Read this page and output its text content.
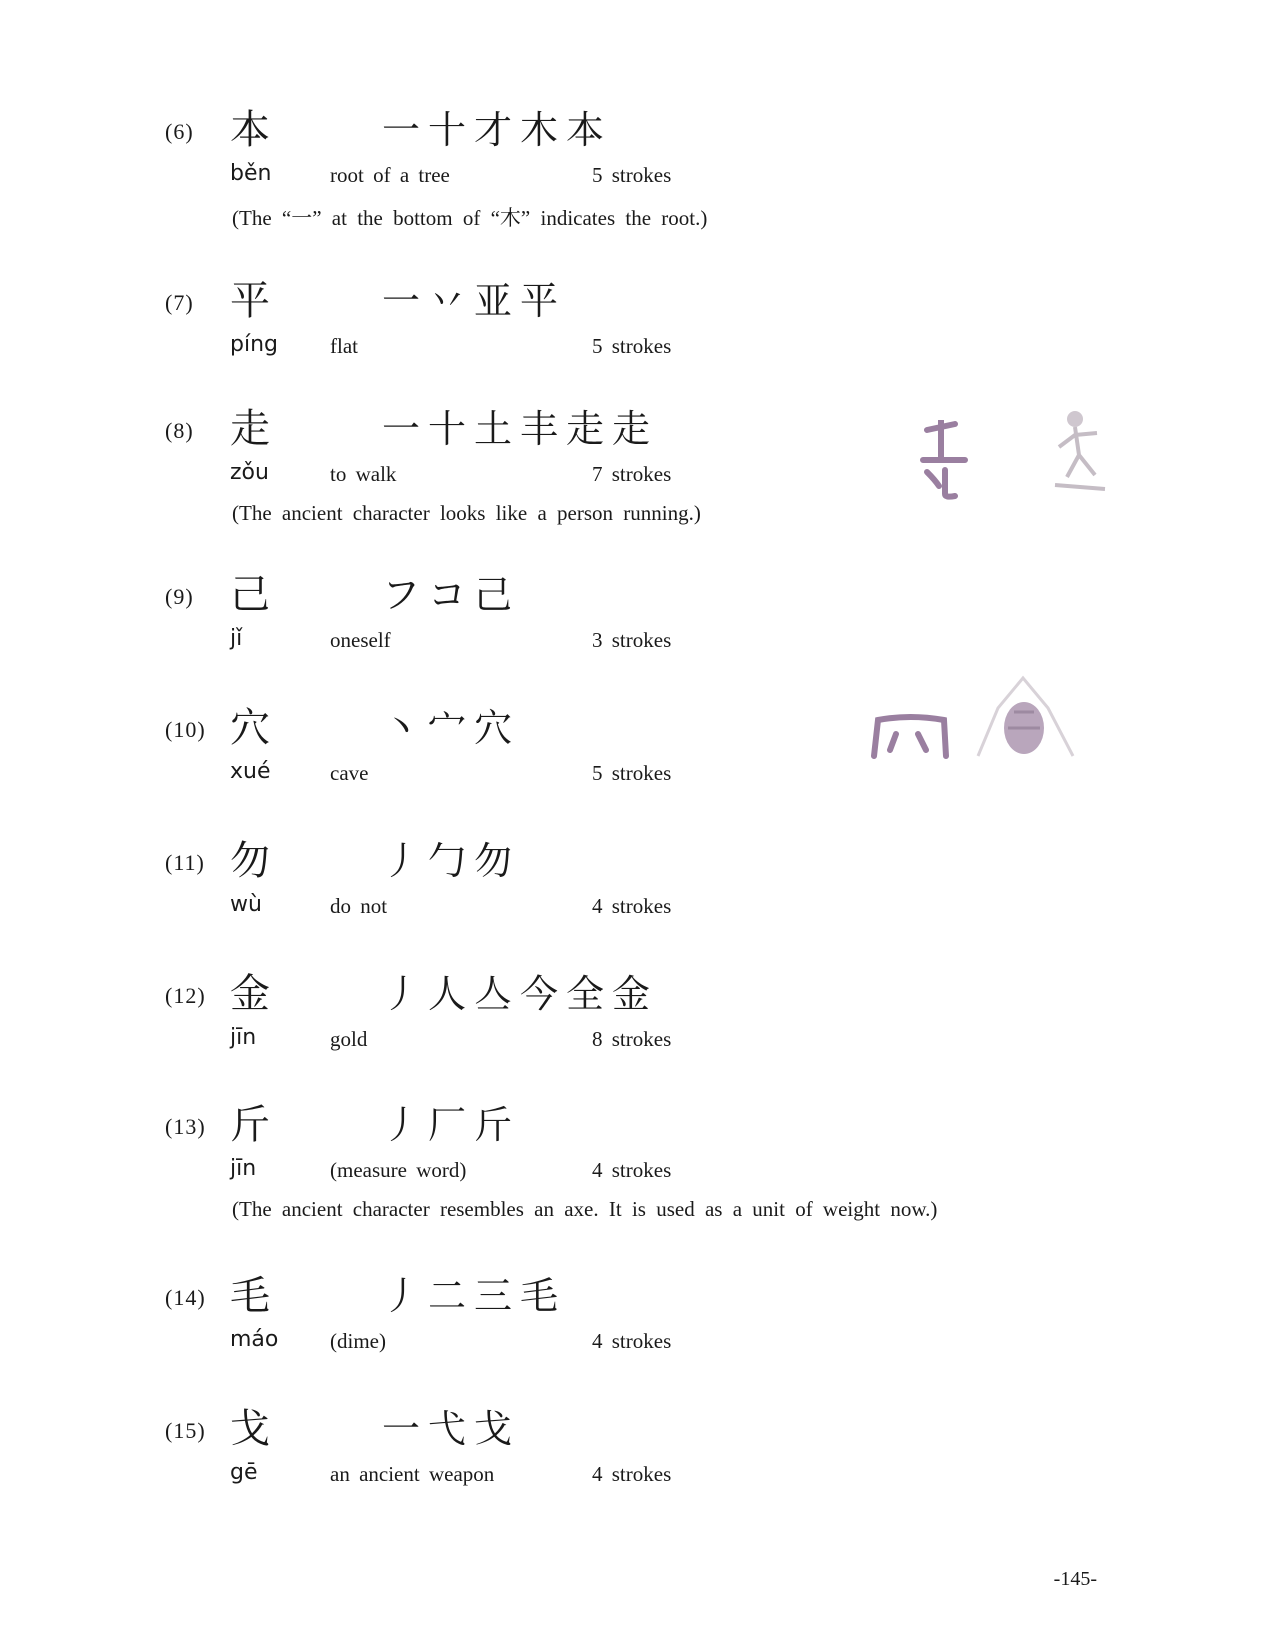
(6) 本	一 十 才 木 本
běn	root of a tree	5 strokes
(The “一” at the bottom of “木” indicates the root.)
(7) 平	一 丷 亚 平
píng flat	5 strokes
(8) 走	一 十 土 丰 走 走
zǒu	to walk	7 strokes
(The ancient character looks like a person running.)
(9) 己	フ コ 己
jǐ	oneself	3 strokes
(10) 穴	丶 宀 穴
xué	cave	5 strokes
(11) 勿	丿 勹 勿
wù	do not	4 strokes
(12) 金	丿 人 亼 今 全 金
jīn	gold	8 strokes
(13) 斤	丿 厂 斤
jīn	(measure word)	4 strokes
(The ancient character resembles an axe. It is used as a unit of weight now.)
(14) 毛	丿 二 三 毛
máo (dime)	4 strokes
(15) 戈	一 弋 戈
gē	an ancient weapon	4 strokes
-145-
